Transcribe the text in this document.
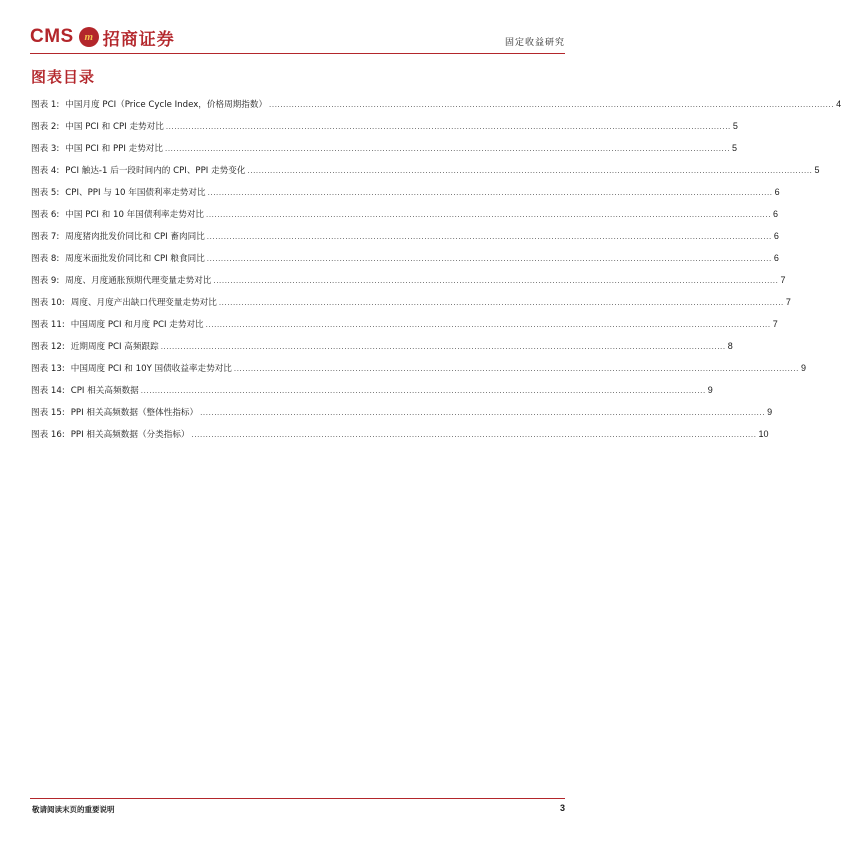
CMS m 招商证券	固定收益研究
图表目录
图表 1: 中国月度 PCI（Price Cycle Index，价格周期指数） ........................................................................................................................................................................................................ 4
图表 2: 中国 PCI 和 CPI 走势对比 ........................................................................................................................................................................................................ 5
图表 3: 中国 PCI 和 PPI 走势对比 ........................................................................................................................................................................................................ 5
图表 4: PCI 触达-1 后一段时间内的 CPI、PPI 走势变化 ........................................................................................................................................................................................................ 5
图表 5: CPI、PPI 与 10 年国债利率走势对比 ........................................................................................................................................................................................................ 6
图表 6: 中国 PCI 和 10 年国债利率走势对比 ........................................................................................................................................................................................................ 6
图表 7: 周度猪肉批发价同比和 CPI 畜肉同比 ........................................................................................................................................................................................................ 6
图表 8: 周度米面批发价同比和 CPI 粮食同比 ........................................................................................................................................................................................................ 6
图表 9: 周度、月度通胀预期代理变量走势对比 ........................................................................................................................................................................................................ 7
图表 10: 周度、月度产出缺口代理变量走势对比 ........................................................................................................................................................................................................ 7
图表 11: 中国周度 PCI 和月度 PCI 走势对比 ........................................................................................................................................................................................................ 7
图表 12: 近期周度 PCI 高频跟踪 ........................................................................................................................................................................................................ 8
图表 13: 中国周度 PCI 和 10Y 国债收益率走势对比 ........................................................................................................................................................................................................ 9
图表 14: CPI 相关高频数据 ........................................................................................................................................................................................................ 9
图表 15: PPI 相关高频数据（整体性指标） ........................................................................................................................................................................................................ 9
图表 16: PPI 相关高频数据（分类指标） ........................................................................................................................................................................................................ 10
敬请阅读末页的重要说明	3
